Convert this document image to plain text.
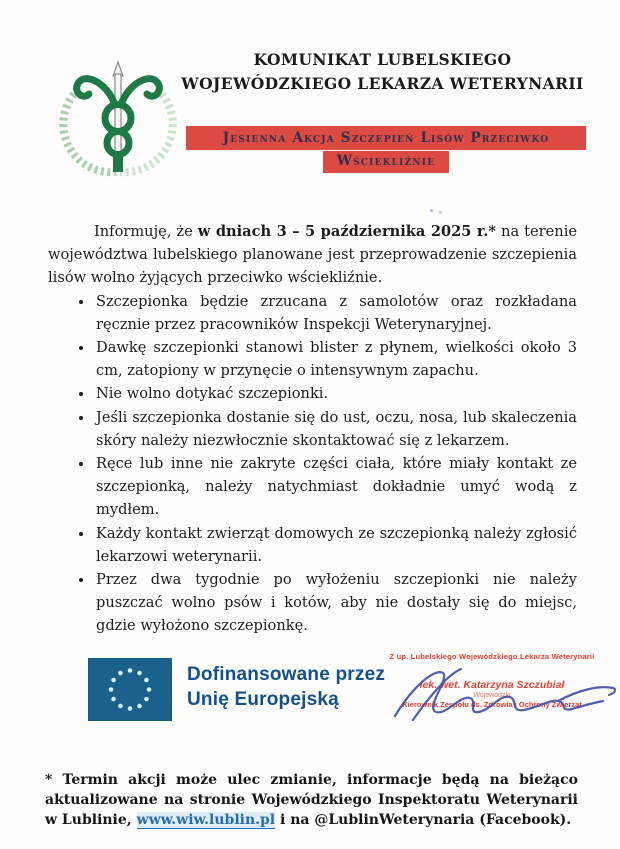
KOMUNIKAT LUBELSKIEGO
WOJEWÓDZKIEGO LEKARZA WETERYNARII
Jesienna Akcja Szczepień Lisów Przeciwko
Wściekliźnie

Informuję, że w dniach 3 – 5 października 2025 r.* na terenie województwa lubelskiego planowane jest przeprowadzenie szczepienia lisów wolno żyjących przeciwko wściekliźnie.

• Szczepionka będzie zrzucana z samolotów oraz rozkładana ręcznie przez pracowników Inspekcji Weterynaryjnej.
• Dawkę szczepionki stanowi blister z płynem, wielkości około 3 cm, zatopiony w przynęcie o intensywnym zapachu.
• Nie wolno dotykać szczepionki.
• Jeśli szczepionka dostanie się do ust, oczu, nosa, lub skaleczenia skóry należy niezwłocznie skontaktować się z lekarzem.
• Ręce lub inne nie zakryte części ciała, które miały kontakt ze szczepionką, należy natychmiast dokładnie umyć wodą z mydłem.
• Każdy kontakt zwierząt domowych ze szczepionką należy zgłosić lekarzowi weterynarii.
• Przez dwa tygodnie po wyłożeniu szczepionki nie należy puszczać wolno psów i kotów, aby nie dostały się do miejsc, gdzie wyłożono szczepionkę.
Dofinansowane przez
Unię Europejską
Z up. Lubelskiego Wojewódzkiego Lekarza Weterynarii
lek. wet. Katarzyna Szczubiał
Wojewódzki
Kierownik Zespołu ds. Zdrowia i Ochrony Zwierząt

* Termin akcji może ulec zmianie, informacje będą na bieżąco aktualizowane na stronie Wojewódzkiego Inspektoratu Weterynarii w Lublinie, www.wiw.lublin.pl i na @LublinWeterynaria (Facebook).
